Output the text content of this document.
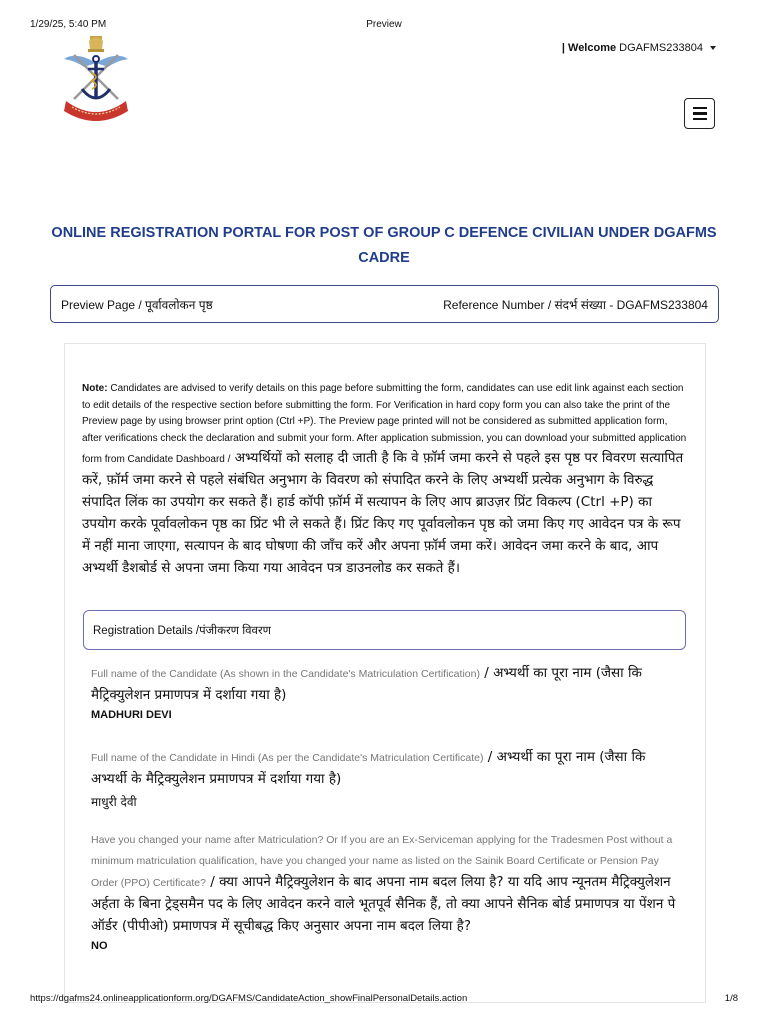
1/29/25, 5:40 PM	Preview
| Welcome DGAFMS233804
ONLINE REGISTRATION PORTAL FOR POST OF GROUP C DEFENCE CIVILIAN UNDER DGAFMS CADRE
Preview Page / पूर्वावलोकन पृष्ठ	Reference Number / संदर्भ संख्या - DGAFMS233804
Note: Candidates are advised to verify details on this page before submitting the form, candidates can use edit link against each section to edit details of the respective section before submitting the form. For Verification in hard copy form you can also take the print of the Preview page by using browser print option (Ctrl +P). The Preview page printed will not be considered as submitted application form, after verifications check the declaration and submit your form. After application submission, you can download your submitted application form from Candidate Dashboard / अभ्यर्थियों को सलाह दी जाती है कि वे फ़ॉर्म जमा करने से पहले इस पृष्ठ पर विवरण सत्यापित करें, फ़ॉर्म जमा करने से पहले संबंधित अनुभाग के विवरण को संपादित करने के लिए अभ्यर्थी प्रत्येक अनुभाग के विरुद्ध संपादित लिंक का उपयोग कर सकते हैं। हार्ड कॉपी फ़ॉर्म में सत्यापन के लिए आप ब्राउज़र प्रिंट विकल्प (Ctrl +P) का उपयोग करके पूर्वावलोकन पृष्ठ का प्रिंट भी ले सकते हैं। प्रिंट किए गए पूर्वावलोकन पृष्ठ को जमा किए गए आवेदन पत्र के रूप में नहीं माना जाएगा, सत्यापन के बाद घोषणा की जाँच करें और अपना फ़ॉर्म जमा करें। आवेदन जमा करने के बाद, आप अभ्यर्थी डैशबोर्ड से अपना जमा किया गया आवेदन पत्र डाउनलोड कर सकते हैं।
Registration Details /पंजीकरण विवरण
Full name of the Candidate (As shown in the Candidate's Matriculation Certification) / अभ्यर्थी का पूरा नाम (जैसा कि मैट्रिक्युलेशन प्रमाणपत्र में दर्शाया गया है)
MADHURI DEVI
Full name of the Candidate in Hindi (As per the Candidate's Matriculation Certificate) / अभ्यर्थी का पूरा नाम (जैसा कि अभ्यर्थी के मैट्रिक्युलेशन प्रमाणपत्र में दर्शाया गया है)
माधुरी देवी
Have you changed your name after Matriculation? Or If you are an Ex-Serviceman applying for the Tradesmen Post without a minimum matriculation qualification, have you changed your name as listed on the Sainik Board Certificate or Pension Pay Order (PPO) Certificate? / क्या आपने मैट्रिक्युलेशन के बाद अपना नाम बदल लिया है? या यदि आप न्यूनतम मैट्रिक्युलेशन अर्हता के बिना ट्रेड्समैन पद के लिए आवेदन करने वाले भूतपूर्व सैनिक हैं, तो क्या आपने सैनिक बोर्ड प्रमाणपत्र या पेंशन पे ऑर्डर (पीपीओ) प्रमाणपत्र में सूचीबद्ध किए अनुसार अपना नाम बदल लिया है?
NO
https://dgafms24.onlineapplicationform.org/DGAFMS/CandidateAction_showFinalPersonalDetails.action	1/8
